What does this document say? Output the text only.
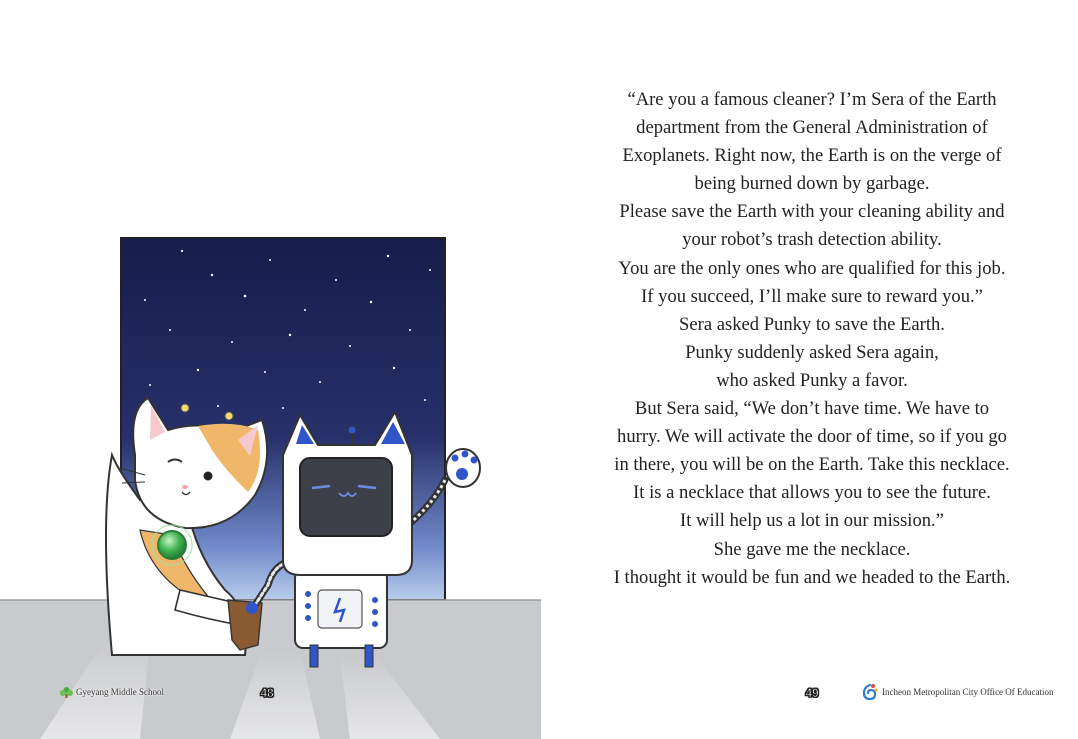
Gyeyang Middle School	48

“Are you a famous cleaner? I’m Sera of the Earth

department from the General Administration of

Exoplanets. Right now, the Earth is on the verge of

being burned down by garbage.

Please save the Earth with your cleaning ability and

your robot’s trash detection ability.

You are the only ones who are qualified for this job.

If you succeed, I’ll make sure to reward you.”

Sera asked Punky to save the Earth.

Punky suddenly asked Sera again,

who asked Punky a favor.

But Sera said, “We don’t have time. We have to

hurry. We will activate the door of time, so if you go

in there, you will be on the Earth. Take this necklace.

It is a necklace that allows you to see the future.

It will help us a lot in our mission.”

She gave me the necklace.

I thought it would be fun and we headed to the Earth.

49	Incheon Metropolitan City Office Of Education
